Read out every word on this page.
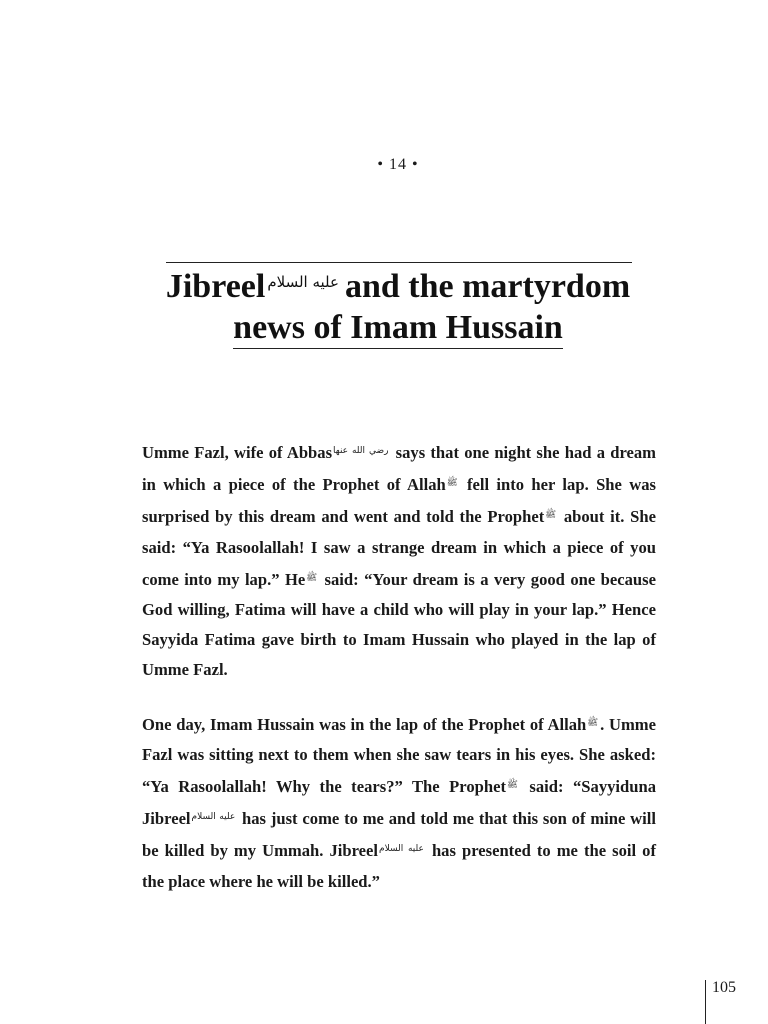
• 14 •
Jibreel $^{عليه السلام}$ and the martyrdom
news of Imam Hussain

Umme Fazl, wife of Abbas$^{رضي الله عنها}$ says that one night she had a dream in which a piece of the Prophet of Allah$^ﷺ$ fell into her lap. She was surprised by this dream and went and told the Prophet$^ﷺ$ about it. She said: “Ya Rasoolallah! I saw a strange dream in which a piece of you come into my lap.” $He^ﷺ$ said: “Your dream is a very good one because God willing, Fatima will have a child who will play in your lap.” Hence Sayyida Fatima gave birth to Imam Hussain who played in the lap of Umme Fazl.

One day, Imam Hussain was in the lap of the Prophet of Allah$^ﷺ$ . Umme Fazl was sitting next to them when she saw tears in his eyes. She asked: “Ya Rasoolallah! Why the tears?” The Prophet$^ﷺ$ said: “Sayyiduna Jibreel$^{عليه السلام}$ has just come to me and told me that this son of mine will be killed by my Ummah. Jibreel$^{عليه السلام}$ has presented to me the soil of the place where he will be killed.”

105
